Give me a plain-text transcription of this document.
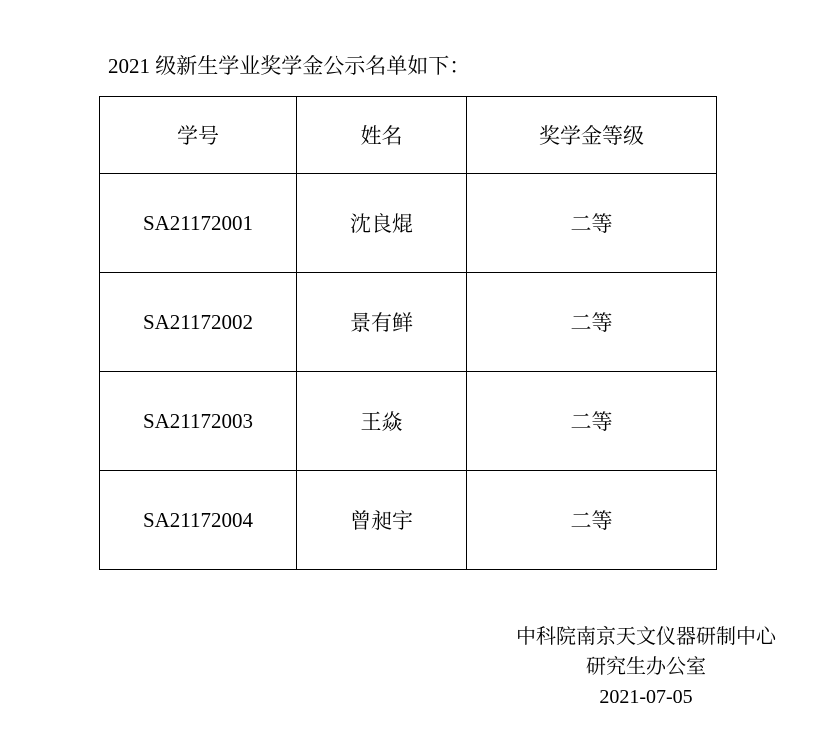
2021 级新生学业奖学金公示名单如下：
学号	姓名	奖学金等级
SA21172001	沈良焜	二等
SA21172002	景有鲜	二等
SA21172003	王焱	二等
SA21172004	曾昶宇	二等
中科院南京天文仪器研制中心
研究生办公室
2021-07-05
